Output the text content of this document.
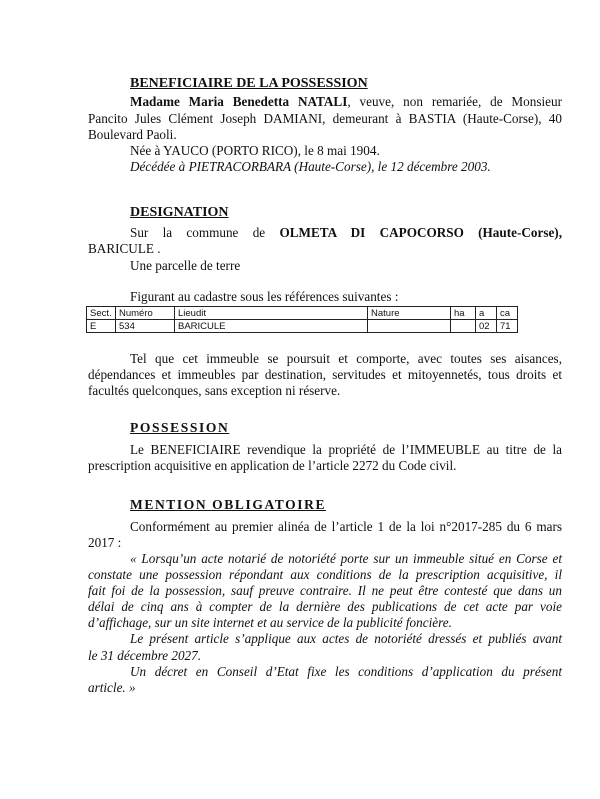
BENEFICIAIRE DE LA POSSESSION
Madame Maria Benedetta NATALI, veuve, non remariée, de Monsieur
Pancito Jules Clément Joseph DAMIANI, demeurant à BASTIA (Haute-Corse), 40
Boulevard Paoli.
Née à YAUCO (PORTO RICO), le 8 mai 1904.
Décédée à PIETRACORBARA (Haute-Corse), le 12 décembre 2003.
DESIGNATION
Sur la commune de OLMETA DI CAPOCORSO (Haute-Corse),
BARICULE .
Une parcelle de terre
Figurant au cadastre sous les références suivantes :
Sect.	Numéro	Lieudit	Nature	ha	a	ca
E	534	BARICULE			02	71
Tel que cet immeuble se poursuit et comporte, avec toutes ses aisances,
dépendances et immeubles par destination, servitudes et mitoyennetés, tous droits et
facultés quelconques, sans exception ni réserve.
POSSESSION
Le BENEFICIAIRE revendique la propriété de l’IMMEUBLE au titre de la
prescription acquisitive en application de l’article 2272 du Code civil.
MENTION OBLIGATOIRE
Conformément au premier alinéa de l’article 1 de la loi n°2017-285 du 6 mars
2017 :
« Lorsqu’un acte notarié de notoriété porte sur un immeuble situé en Corse et
constate une possession répondant aux conditions de la prescription acquisitive, il
fait foi de la possession, sauf preuve contraire. Il ne peut être contesté que dans un
délai de cinq ans à compter de la dernière des publications de cet acte par voie
d’affichage, sur un site internet et au service de la publicité foncière.
Le présent article s’applique aux actes de notoriété dressés et publiés avant
le 31 décembre 2027.
Un décret en Conseil d’Etat fixe les conditions d’application du présent
article. »
